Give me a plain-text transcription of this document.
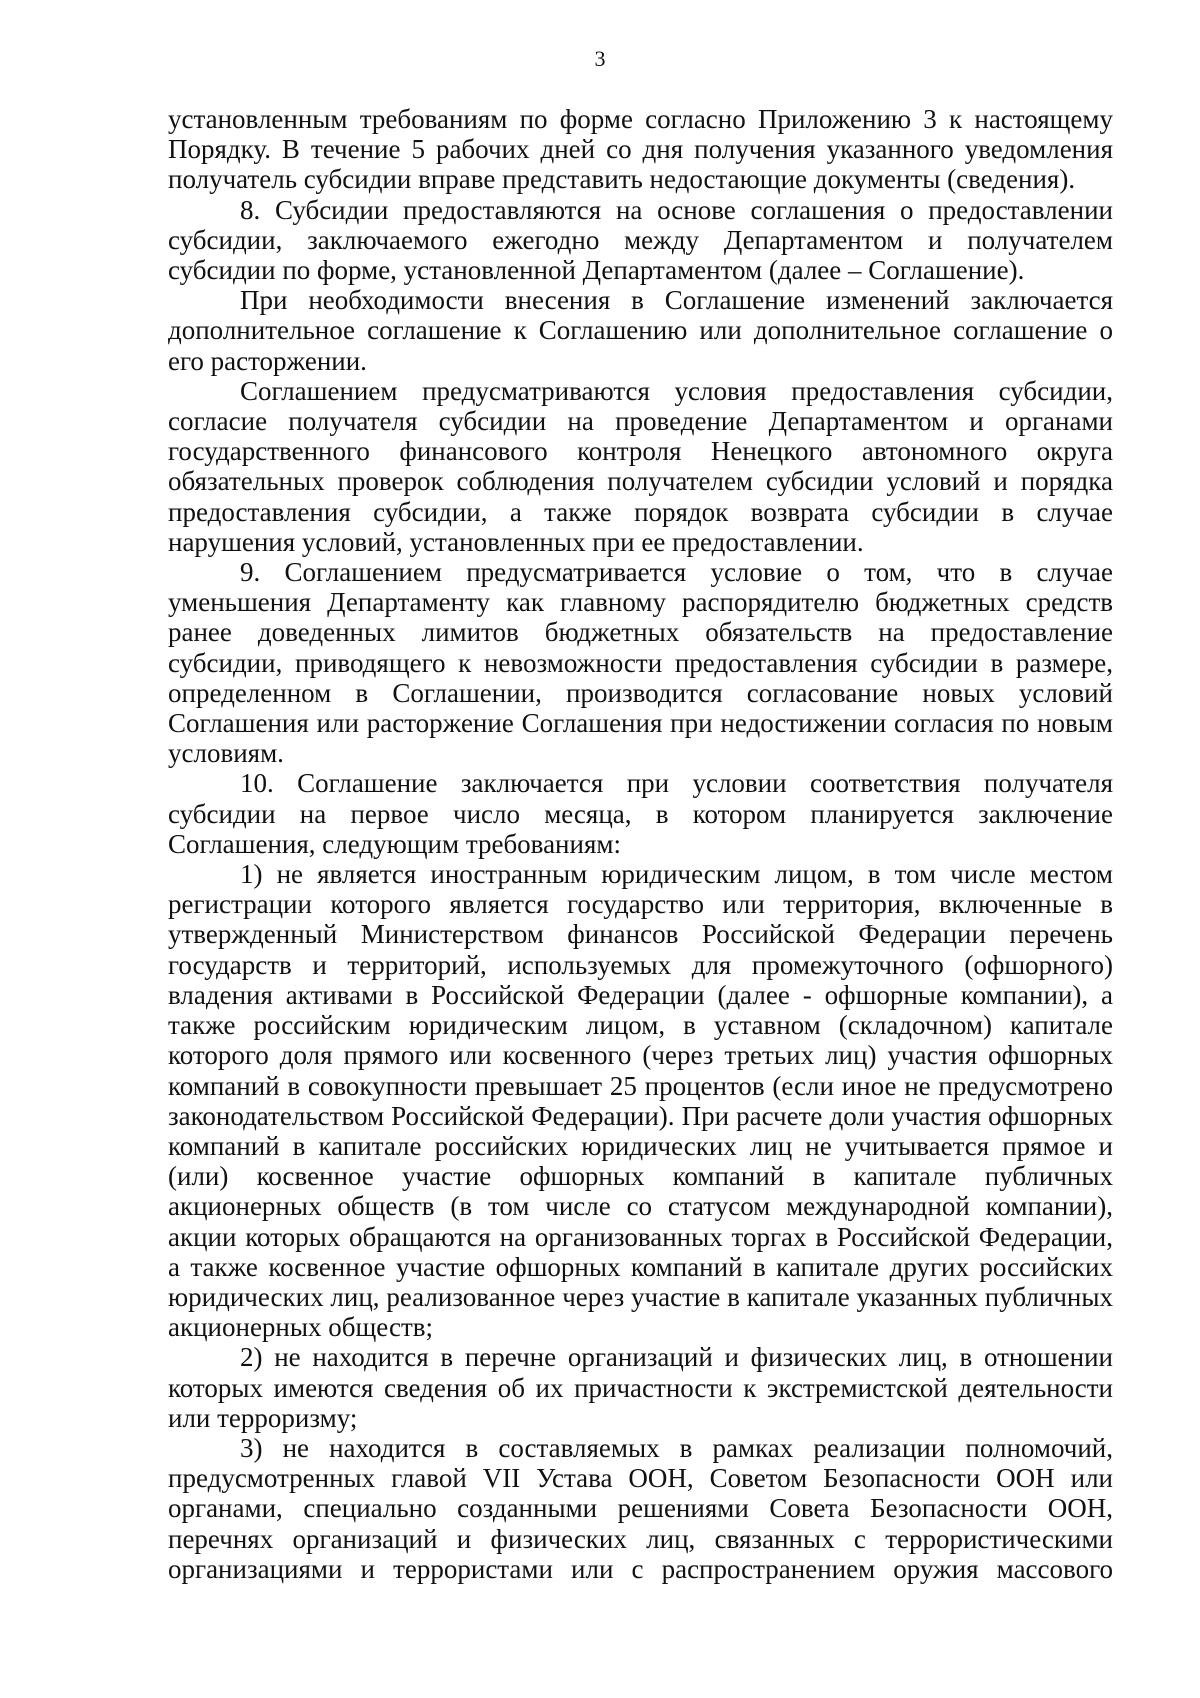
3

установленным требованиям по форме согласно Приложению 3 к настоящему Порядку. В течение 5 рабочих дней со дня получения указанного уведомления получатель субсидии вправе представить недостающие документы (сведения).

8. Субсидии предоставляются на основе соглашения о предоставлении субсидии, заключаемого ежегодно между Департаментом и получателем субсидии по форме, установленной Департаментом (далее – Соглашение).

При необходимости внесения в Соглашение изменений заключается дополнительное соглашение к Соглашению или дополнительное соглашение о его расторжении.

Соглашением предусматриваются условия предоставления субсидии, согласие получателя субсидии на проведение Департаментом и органами государственного финансового контроля Ненецкого автономного округа обязательных проверок соблюдения получателем субсидии условий и порядка предоставления субсидии, а также порядок возврата субсидии в случае нарушения условий, установленных при ее предоставлении.

9. Соглашением предусматривается условие о том, что в случае уменьшения Департаменту как главному распорядителю бюджетных средств ранее доведенных лимитов бюджетных обязательств на предоставление субсидии, приводящего к невозможности предоставления субсидии в размере, определенном в Соглашении, производится согласование новых условий Соглашения или расторжение Соглашения при недостижении согласия по новым условиям.

10. Соглашение заключается при условии соответствия получателя субсидии на первое число месяца, в котором планируется заключение Соглашения, следующим требованиям:

1) не является иностранным юридическим лицом, в том числе местом регистрации которого является государство или территория, включенные в утвержденный Министерством финансов Российской Федерации перечень государств и территорий, используемых для промежуточного (офшорного) владения активами в Российской Федерации (далее - офшорные компании), а также российским юридическим лицом, в уставном (складочном) капитале которого доля прямого или косвенного (через третьих лиц) участия офшорных компаний в совокупности превышает 25 процентов (если иное не предусмотрено законодательством Российской Федерации). При расчете доли участия офшорных компаний в капитале российских юридических лиц не учитывается прямое и (или) косвенное участие офшорных компаний в капитале публичных акционерных обществ (в том числе со статусом международной компании), акции которых обращаются на организованных торгах в Российской Федерации, а также косвенное участие офшорных компаний в капитале других российских юридических лиц, реализованное через участие в капитале указанных публичных акционерных обществ;

2) не находится в перечне организаций и физических лиц, в отношении которых имеются сведения об их причастности к экстремистской деятельности или терроризму;

3) не находится в составляемых в рамках реализации полномочий, предусмотренных главой VII Устава ООН, Советом Безопасности ООН или органами, специально созданными решениями Совета Безопасности ООН, перечнях организаций и физических лиц, связанных с террористическими организациями и террористами или с распространением оружия массового
